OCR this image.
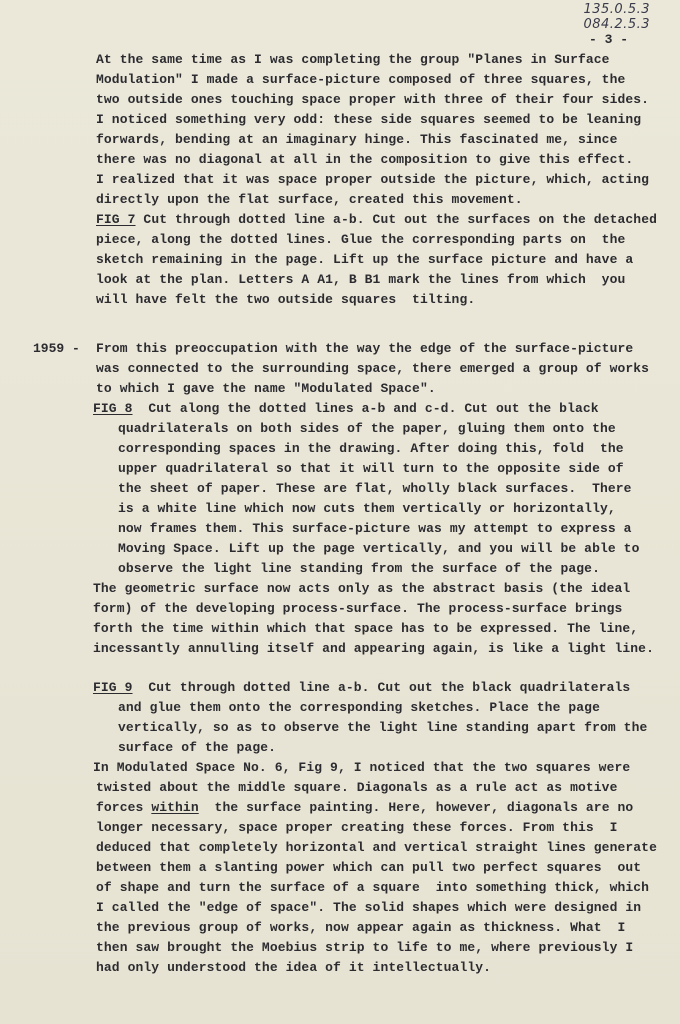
135.0.5.3
084.2.5.3
- 3 -
1959 -
At the same time as I was completing the group "Planes in Surface
Modulation" I made a surface-picture composed of three squares, the
two outside ones touching space proper with three of their four sides.
I noticed something very odd: these side squares seemed to be leaning
forwards, bending at an imaginary hinge. This fascinated me, since
there was no diagonal at all in the composition to give this effect.
I realized that it was space proper outside the picture, which, acting
directly upon the flat surface, created this movement.
FIG 7 Cut through dotted line a-b. Cut out the surfaces on the detached
piece, along the dotted lines. Glue the corresponding parts on  the
sketch remaining in the page. Lift up the surface picture and have a
look at the plan. Letters A A1, B B1 mark the lines from which  you
will have felt the two outside squares  tilting.
From this preoccupation with the way the edge of the surface-picture
was connected to the surrounding space, there emerged a group of works
to which I gave the name "Modulated Space".
FIG 8  Cut along the dotted lines a-b and c-d. Cut out the black
quadrilaterals on both sides of the paper, gluing them onto the
corresponding spaces in the drawing. After doing this, fold  the
upper quadrilateral so that it will turn to the opposite side of
the sheet of paper. These are flat, wholly black surfaces.  There
is a white line which now cuts them vertically or horizontally,
now frames them. This surface-picture was my attempt to express a
Moving Space. Lift up the page vertically, and you will be able to
observe the light line standing from the surface of the page.
The geometric surface now acts only as the abstract basis (the ideal
form) of the developing process-surface. The process-surface brings
forth the time within which that space has to be expressed. The line,
incessantly annulling itself and appearing again, is like a light line.
FIG 9  Cut through dotted line a-b. Cut out the black quadrilaterals
and glue them onto the corresponding sketches. Place the page
vertically, so as to observe the light line standing apart from the
surface of the page.
In Modulated Space No. 6, Fig 9, I noticed that the two squares were
twisted about the middle square. Diagonals as a rule act as motive
forces within  the surface painting. Here, however, diagonals are no
longer necessary, space proper creating these forces. From this  I
deduced that completely horizontal and vertical straight lines generate
between them a slanting power which can pull two perfect squares  out
of shape and turn the surface of a square  into something thick, which
I called the "edge of space". The solid shapes which were designed in
the previous group of works, now appear again as thickness. What  I
then saw brought the Moebius strip to life to me, where previously I
had only understood the idea of it intellectually.
